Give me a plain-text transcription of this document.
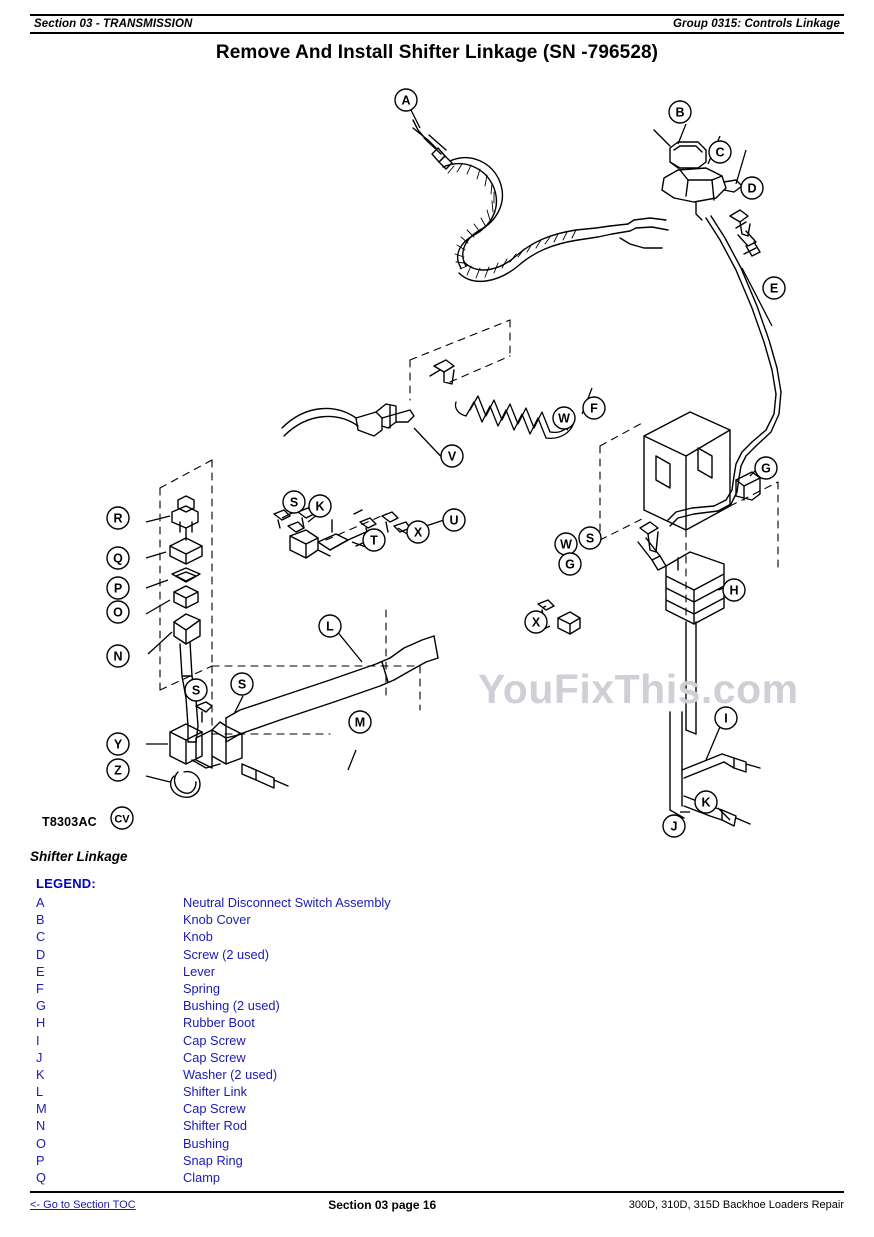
Section 03 - TRANSMISSION	Group 0315: Controls Linkage
Remove And Install Shifter Linkage (SN -796528)
A
B
C
D
E
F
G
H
I
K
J
L
M
R
Q
P
O
N
Y
Z
CV
S
S K
T
X
U
V
W
W
X
S
G
S	YouFixThis.com
T8303AC
Shifter Linkage
LEGEND:
A	Neutral Disconnect Switch Assembly
B	Knob Cover
C	Knob
D	Screw (2 used)
E	Lever
F	Spring
G	Bushing (2 used)
H	Rubber Boot
I	Cap Screw
J	Cap Screw
K	Washer (2 used)
L	Shifter Link
M	Cap Screw
N	Shifter Rod
O	Bushing
P	Snap Ring
Q	Clamp
<- Go to Section TOC	Section 03 page 16	300D, 310D, 315D Backhoe Loaders Repair
